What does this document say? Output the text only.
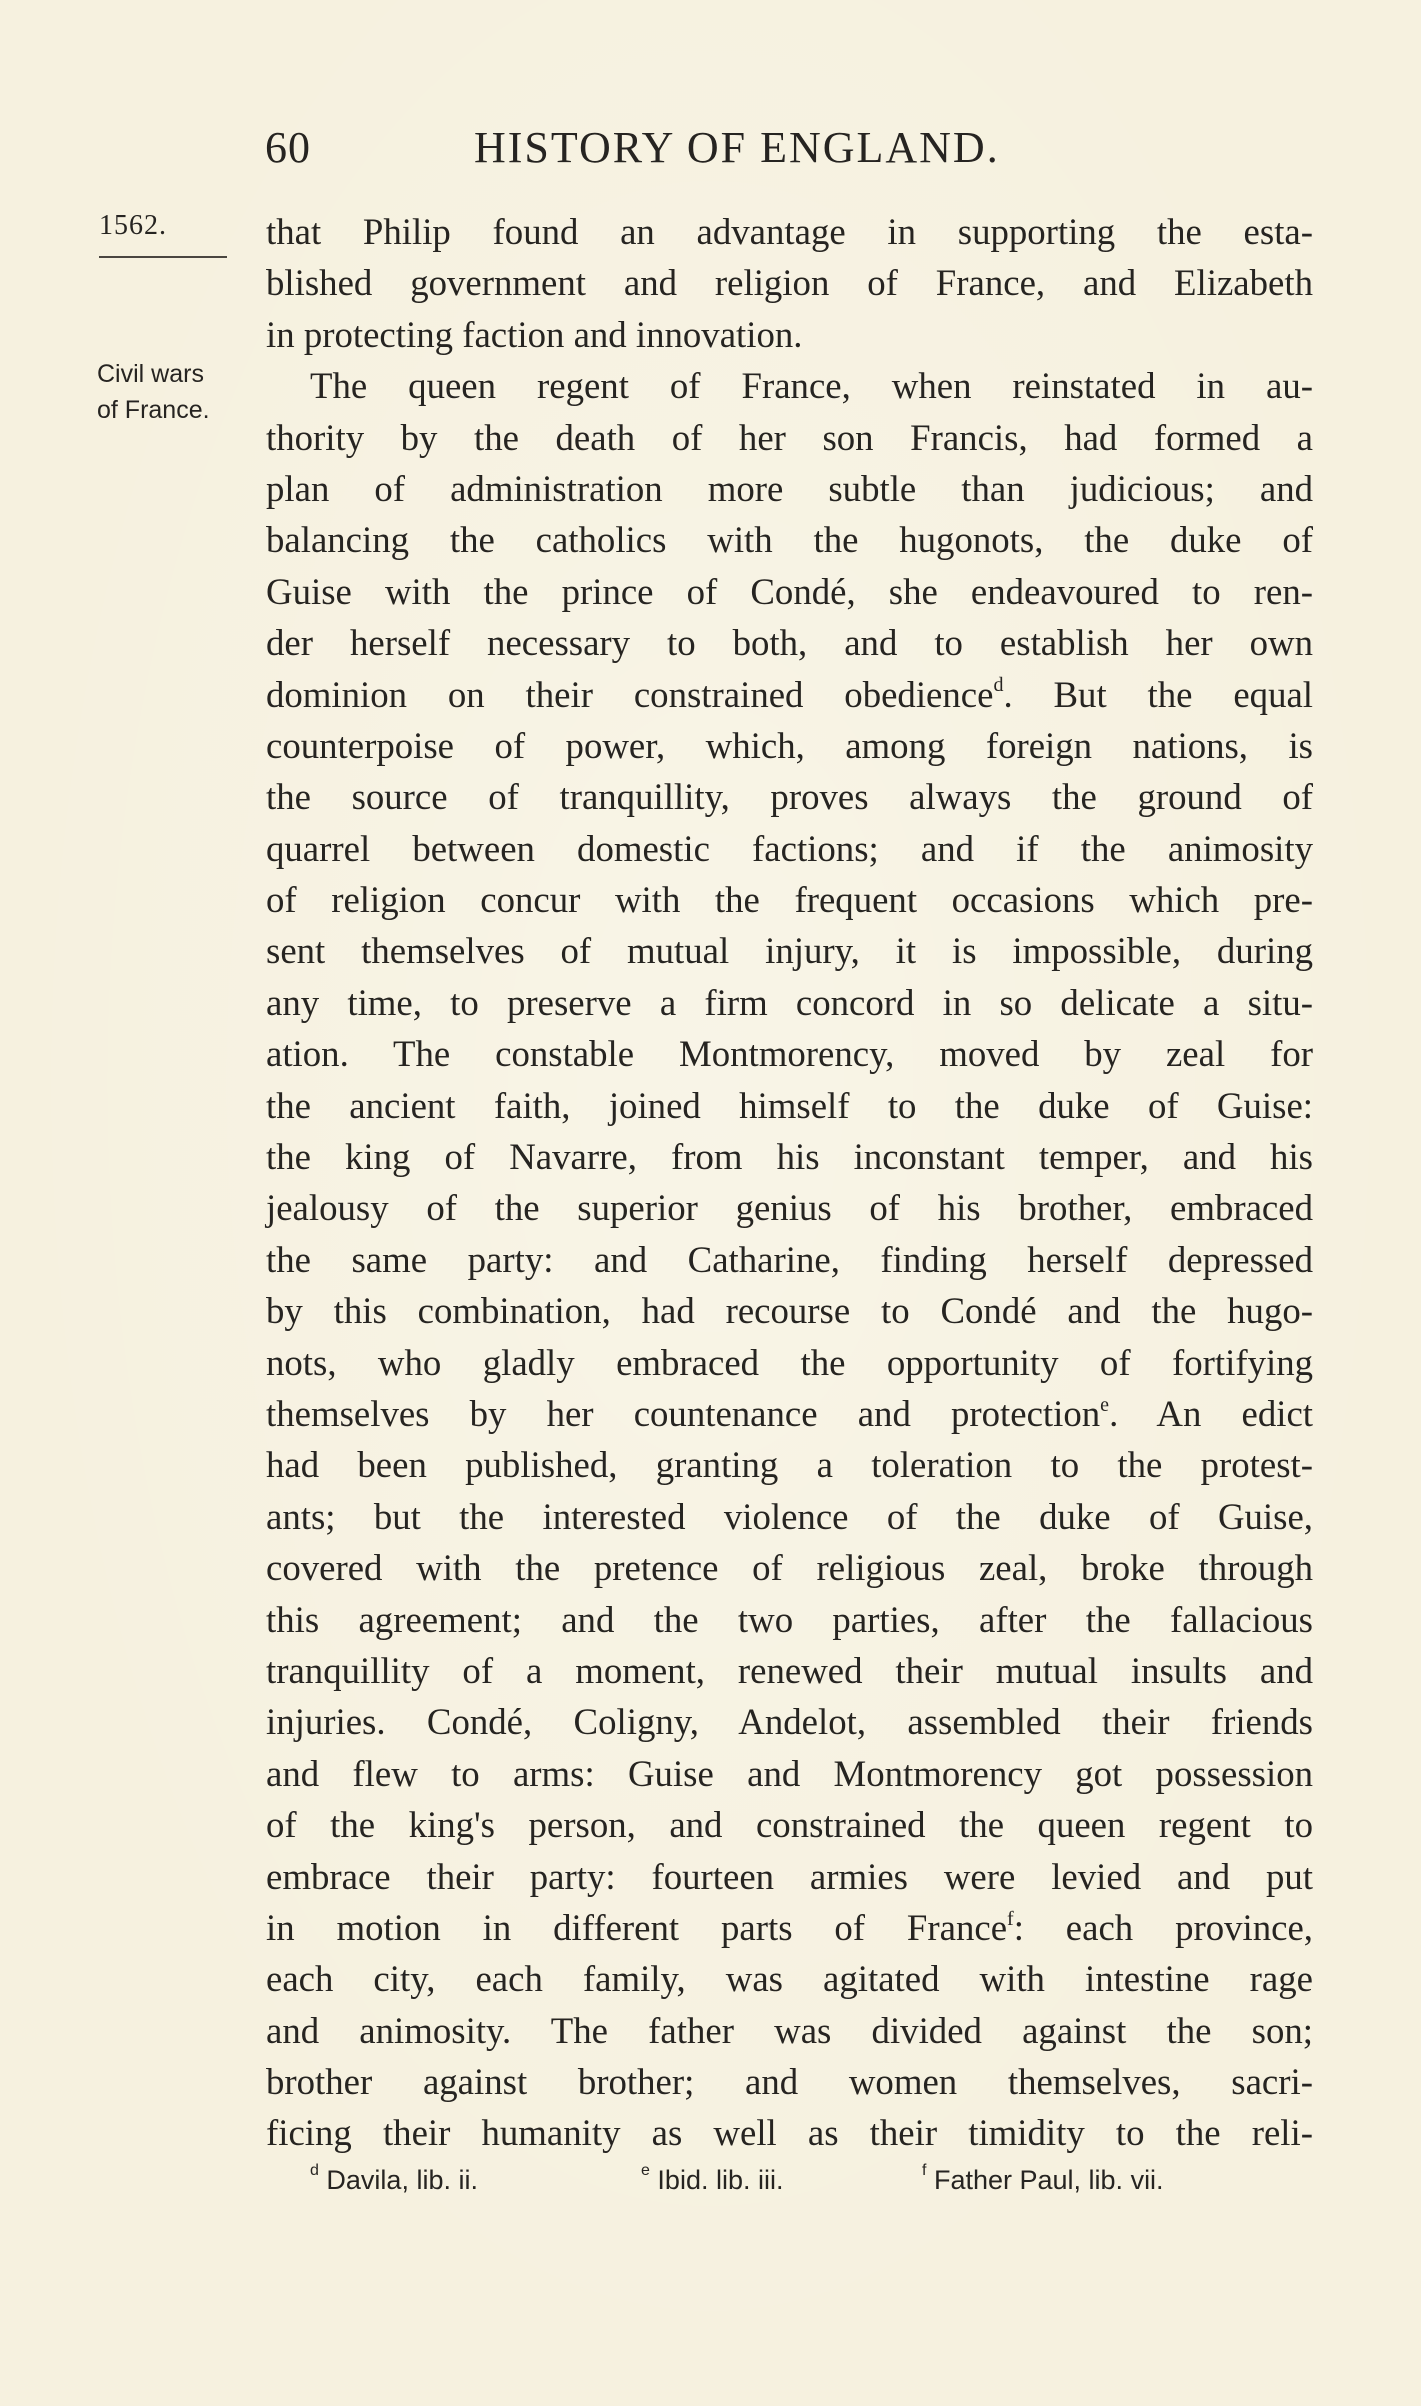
60	HISTORY OF ENGLAND.
1562.
Civil wars
of France.
that Philip found an advantage in supporting the esta-
blished government and religion of France, and Elizabeth
in protecting faction and innovation.
The queen regent of France, when reinstated in au-
thority by the death of her son Francis, had formed a
plan of administration more subtle than judicious; and
balancing the catholics with the hugonots, the duke of
Guise with the prince of Condé, she endeavoured to ren-
der herself necessary to both, and to establish her own
dominion on their constrained obedience$^d$. But the equal
counterpoise of power, which, among foreign nations, is
the source of tranquillity, proves always the ground of
quarrel between domestic factions; and if the animosity
of religion concur with the frequent occasions which pre-
sent themselves of mutual injury, it is impossible, during
any time, to preserve a firm concord in so delicate a situ-
ation. The constable Montmorency, moved by zeal for
the ancient faith, joined himself to the duke of Guise:
the king of Navarre, from his inconstant temper, and his
jealousy of the superior genius of his brother, embraced
the same party: and Catharine, finding herself depressed
by this combination, had recourse to Condé and the hugo-
nots, who gladly embraced the opportunity of fortifying
themselves by her countenance and protection$^e$. An edict
had been published, granting a toleration to the protest-
ants; but the interested violence of the duke of Guise,
covered with the pretence of religious zeal, broke through
this agreement; and the two parties, after the fallacious
tranquillity of a moment, renewed their mutual insults and
injuries. Condé, Coligny, Andelot, assembled their friends
and flew to arms: Guise and Montmorency got possession
of the king's person, and constrained the queen regent to
embrace their party: fourteen armies were levied and put
in motion in different parts of France$^f$: each province,
each city, each family, was agitated with intestine rage
and animosity. The father was divided against the son;
brother against brother; and women themselves, sacri-
ficing their humanity as well as their timidity to the reli-
$^d$ Davila, lib. ii.	$^e$ Ibid. lib. iii.	$^f$ Father Paul, lib. vii.
